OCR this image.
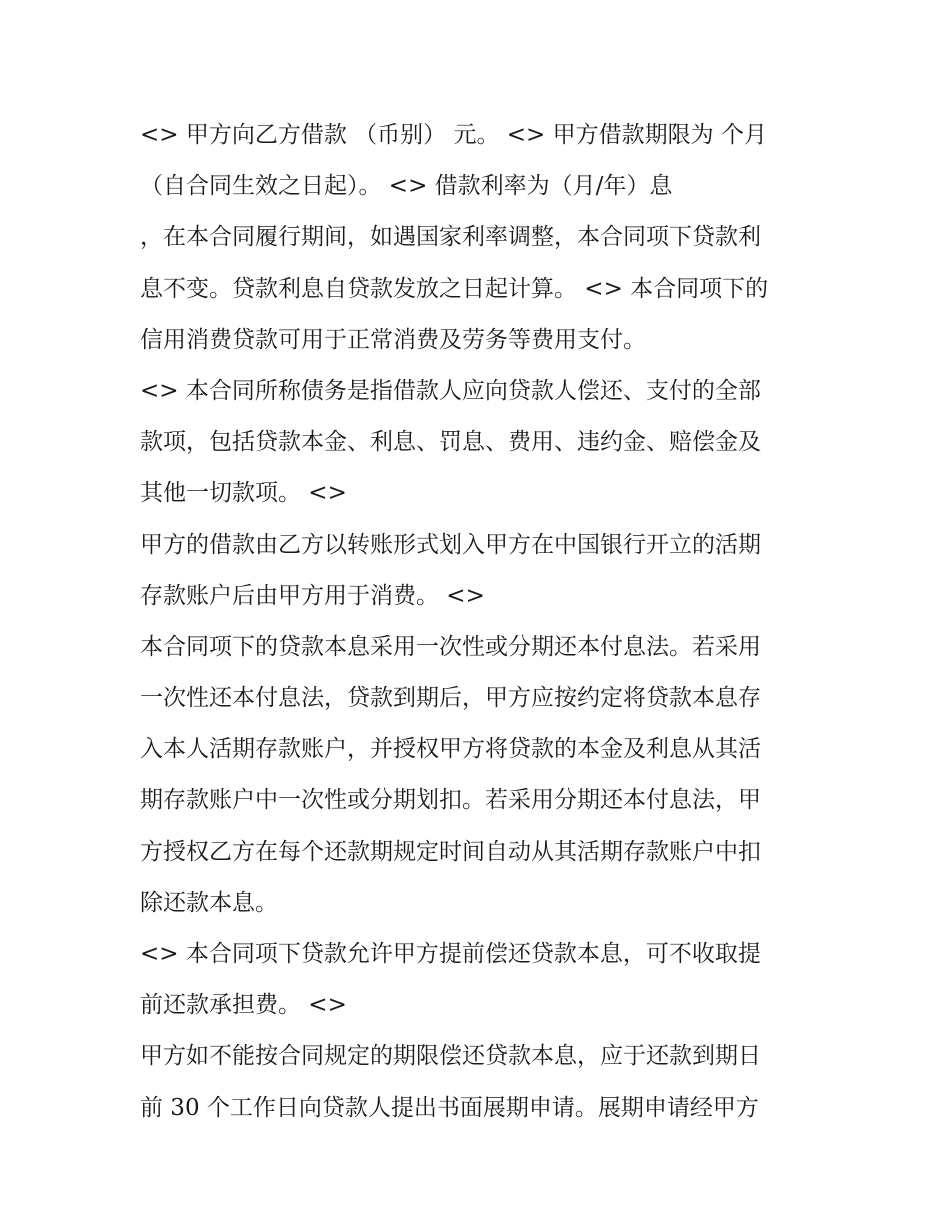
<> 甲方向乙方借款 （币别） 元。 <> 甲方借款期限为 个月
（自合同生效之日起）。 <> 借款利率为（月/年）息
，在本合同履行期间，如遇国家利率调整，本合同项下贷款利
息不变。贷款利息自贷款发放之日起计算。 <> 本合同项下的
信用消费贷款可用于正常消费及劳务等费用支付。
<> 本合同所称债务是指借款人应向贷款人偿还、支付的全部
款项，包括贷款本金、利息、罚息、费用、违约金、赔偿金及
其他一切款项。 <>
甲方的借款由乙方以转账形式划入甲方在中国银行开立的活期
存款账户后由甲方用于消费。 <>
本合同项下的贷款本息采用一次性或分期还本付息法。若采用
一次性还本付息法，贷款到期后，甲方应按约定将贷款本息存
入本人活期存款账户，并授权甲方将贷款的本金及利息从其活
期存款账户中一次性或分期划扣。若采用分期还本付息法，甲
方授权乙方在每个还款期规定时间自动从其活期存款账户中扣
除还款本息。
<> 本合同项下贷款允许甲方提前偿还贷款本息，可不收取提
前还款承担费。 <>
甲方如不能按合同规定的期限偿还贷款本息，应于还款到期日
前 30 个工作日向贷款人提出书面展期申请。展期申请经甲方
